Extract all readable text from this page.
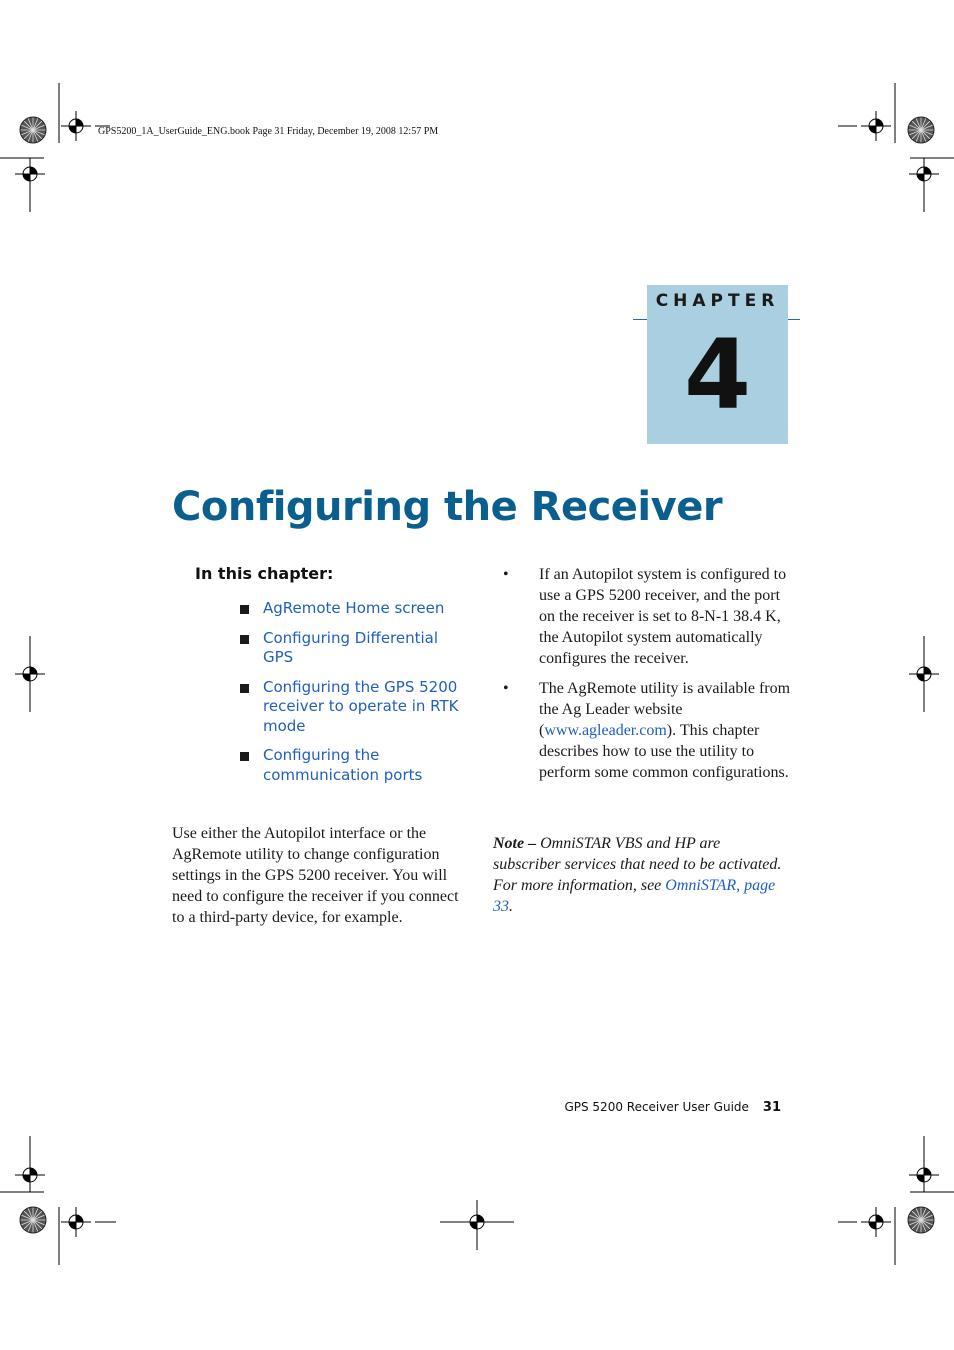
GPS5200_1A_UserGuide_ENG.book Page 31 Friday, December 19, 2008 12:57 PM
CHAPTER
4
Configuring the Receiver
In this chapter:
AgRemote Home screen
Configuring Differential GPS
Configuring the GPS 5200 receiver to operate in RTK mode
Configuring the communication ports

Use either the Autopilot interface or the AgRemote utility to change configuration settings in the GPS 5200 receiver. You will need to configure the receiver if you connect to a third-party device, for example.

• If an Autopilot system is configured to use a GPS 5200 receiver, and the port on the receiver is set to 8-N-1 38.4 K, the Autopilot system automatically configures the receiver.
• The AgRemote utility is available from the Ag Leader website (www.agleader.com). This chapter describes how to use the utility to perform some common configurations.

Note – OmniSTAR VBS and HP are subscriber services that need to be activated. For more information, see OmniSTAR, page 33.

GPS 5200 Receiver User Guide 31
